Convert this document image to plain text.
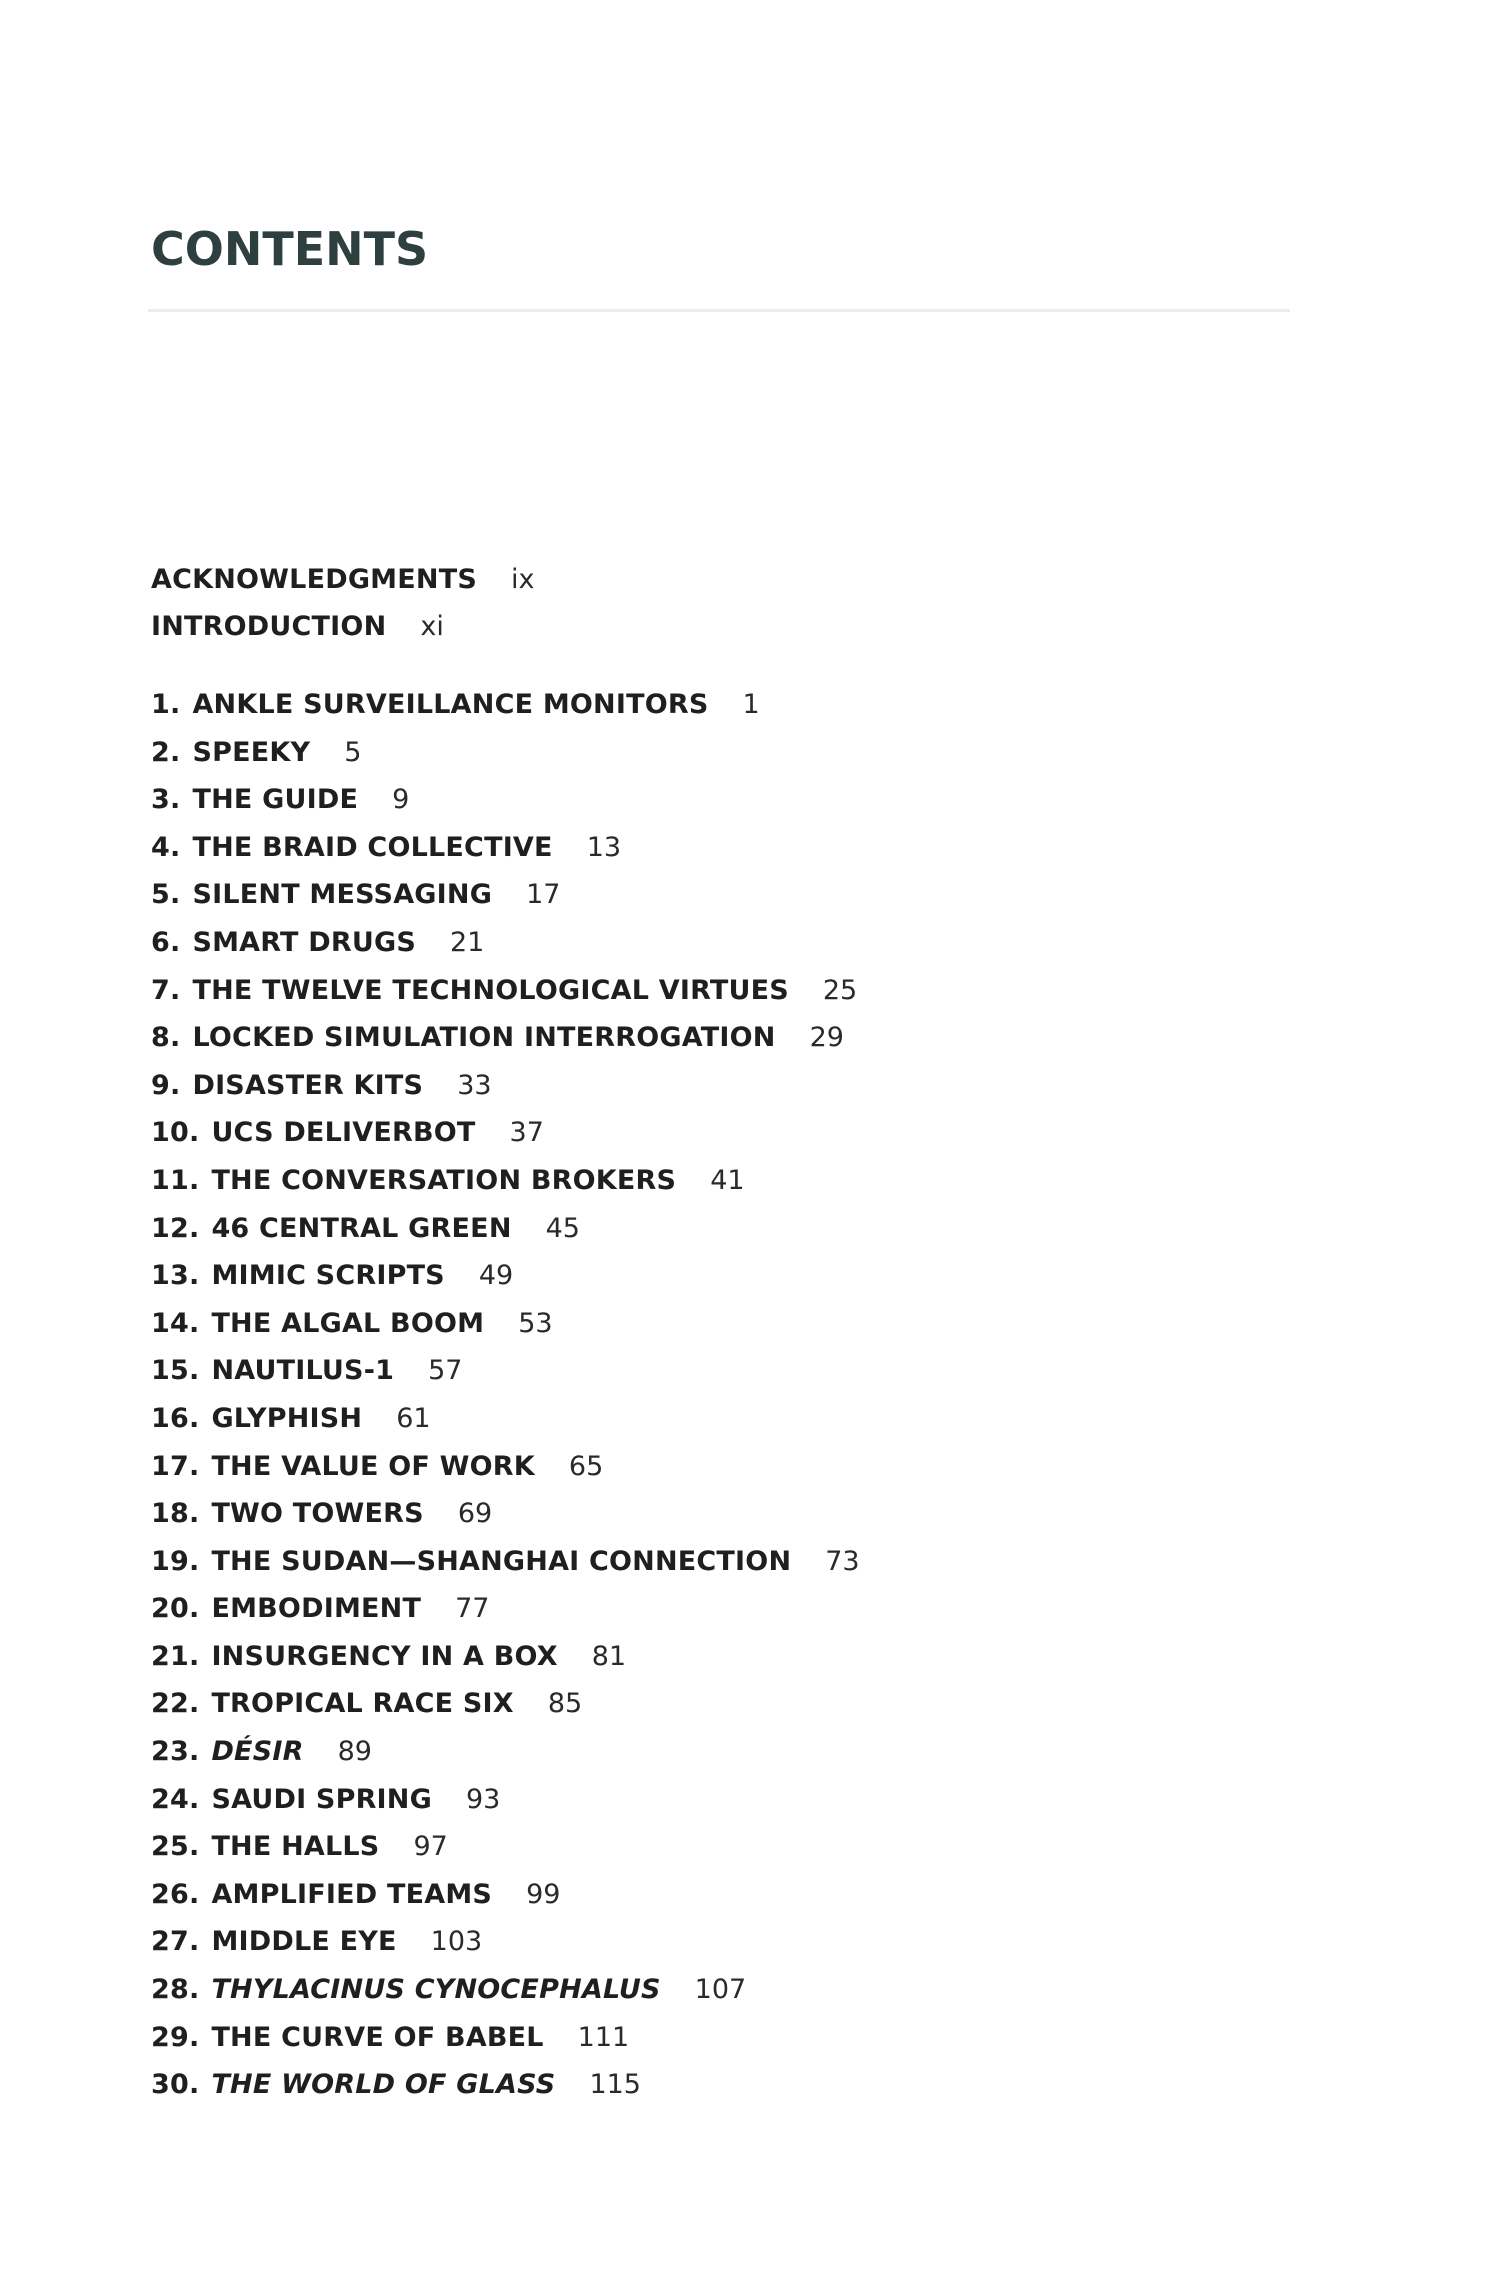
CONTENTS
ACKNOWLEDGMENTS ix
INTRODUCTION xi
1. ANKLE SURVEILLANCE MONITORS 1
2. SPEEKY 5
3. THE GUIDE 9
4. THE BRAID COLLECTIVE 13
5. SILENT MESSAGING 17
6. SMART DRUGS 21
7. THE TWELVE TECHNOLOGICAL VIRTUES 25
8. LOCKED SIMULATION INTERROGATION 29
9. DISASTER KITS 33
10. UCS DELIVERBOT 37
11. THE CONVERSATION BROKERS 41
12. 46 CENTRAL GREEN 45
13. MIMIC SCRIPTS 49
14. THE ALGAL BOOM 53
15. NAUTILUS-1 57
16. GLYPHISH 61
17. THE VALUE OF WORK 65
18. TWO TOWERS 69
19. THE SUDAN—SHANGHAI CONNECTION 73
20. EMBODIMENT 77
21. INSURGENCY IN A BOX 81
22. TROPICAL RACE SIX 85
23. DÉSIR 89
24. SAUDI SPRING 93
25. THE HALLS 97
26. AMPLIFIED TEAMS 99
27. MIDDLE EYE 103
28. THYLACINUS CYNOCEPHALUS 107
29. THE CURVE OF BABEL 111
30. THE WORLD OF GLASS 115
